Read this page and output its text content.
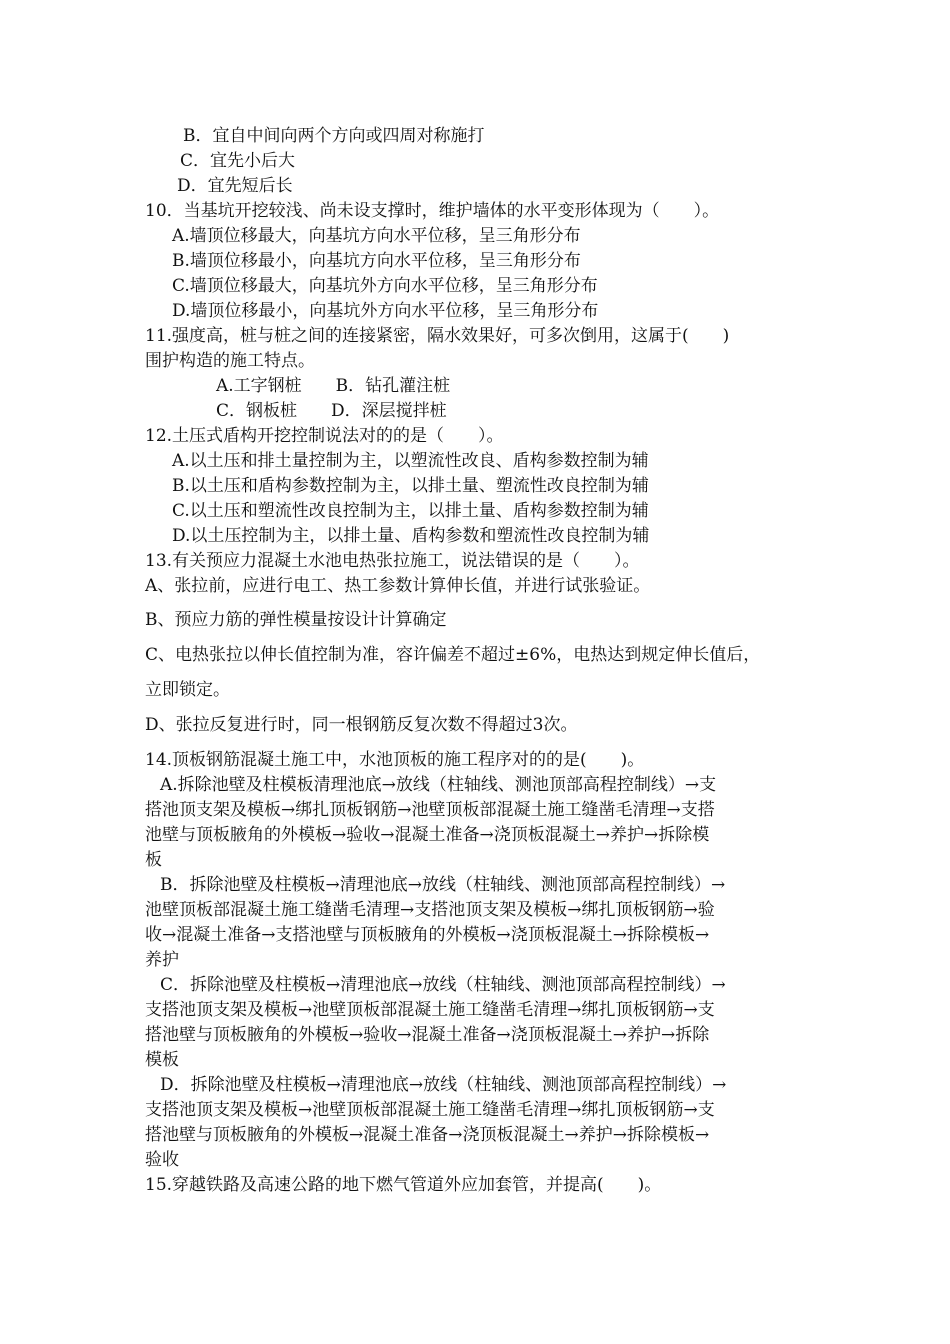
B．宜自中间向两个方向或四周对称施打
C．宜先小后大
D．宜先短后长
10．当基坑开挖较浅、尚未设支撑时，维护墙体的水平变形体现为（　　）。
A.墙顶位移最大，向基坑方向水平位移，呈三角形分布
B.墙顶位移最小，向基坑方向水平位移，呈三角形分布
C.墙顶位移最大，向基坑外方向水平位移，呈三角形分布
D.墙顶位移最小，向基坑外方向水平位移，呈三角形分布
11.强度高，桩与桩之间的连接紧密，隔水效果好，可多次倒用，这属于(　　)
围护构造的施工特点。
A.工字钢桩　　B．钻孔灌注桩
C．钢板桩　　D．深层搅拌桩
12.土压式盾构开挖控制说法对的的是（　　）。
A.以土压和排土量控制为主，以塑流性改良、盾构参数控制为辅
B.以土压和盾构参数控制为主，以排土量、塑流性改良控制为辅
C.以土压和塑流性改良控制为主，以排土量、盾构参数控制为辅
D.以土压控制为主，以排土量、盾构参数和塑流性改良控制为辅
13.有关预应力混凝土水池电热张拉施工，说法错误的是（　　）。
A、张拉前，应进行电工、热工参数计算伸长值，并进行试张验证。
B、预应力筋的弹性模量按设计计算确定
C、电热张拉以伸长值控制为准，容许偏差不超过±6%，电热达到规定伸长值后，
立即锁定。
D、张拉反复进行时，同一根钢筋反复次数不得超过3次。
14.顶板钢筋混凝土施工中，水池顶板的施工程序对的的是(　　)。
A.拆除池壁及柱模板清理池底→放线（柱轴线、测池顶部高程控制线）→支
搭池顶支架及模板→绑扎顶板钢筋→池壁顶板部混凝土施工缝凿毛清理→支搭
池壁与顶板腋角的外模板→验收→混凝土准备→浇顶板混凝土→养护→拆除模
板
B．拆除池壁及柱模板→清理池底→放线（柱轴线、测池顶部高程控制线）→
池壁顶板部混凝土施工缝凿毛清理→支搭池顶支架及模板→绑扎顶板钢筋→验
收→混凝土准备→支搭池壁与顶板腋角的外模板→浇顶板混凝土→拆除模板→
养护
C．拆除池壁及柱模板→清理池底→放线（柱轴线、测池顶部高程控制线）→
支搭池顶支架及模板→池壁顶板部混凝土施工缝凿毛清理→绑扎顶板钢筋→支
搭池壁与顶板腋角的外模板→验收→混凝土准备→浇顶板混凝土→养护→拆除
模板
D．拆除池壁及柱模板→清理池底→放线（柱轴线、测池顶部高程控制线）→
支搭池顶支架及模板→池壁顶板部混凝土施工缝凿毛清理→绑扎顶板钢筋→支
搭池壁与顶板腋角的外模板→混凝土准备→浇顶板混凝土→养护→拆除模板→
验收
15.穿越铁路及高速公路的地下燃气管道外应加套管，并提高(　　)。
